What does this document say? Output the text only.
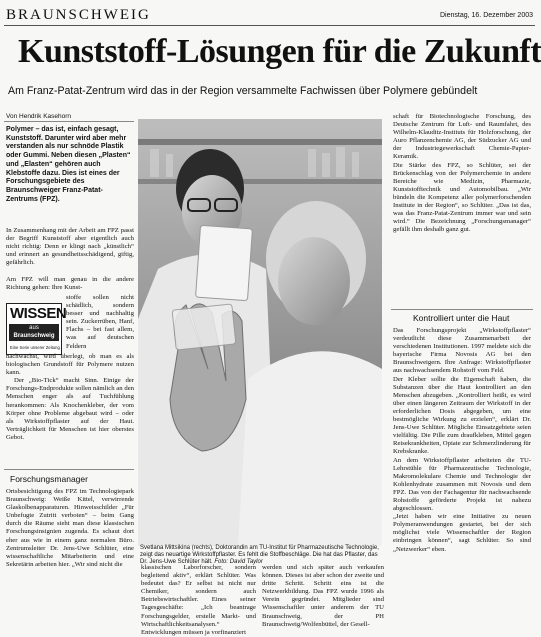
BRAUNSCHWEIG	Dienstag, 16. Dezember 2003
Kunststoff-Lösungen für die Zukunft
Am Franz-Patat-Zentrum wird das in der Region versammelte Fachwissen über Polymere gebündelt
Von Hendrik Kasehorn
Polymer – das ist, einfach gesagt, Kunststoff. Darunter wird aber mehr verstanden als nur schnöde Plastik oder Gummi. Neben diesen „Plasten“ und „Elasten“ gehören auch Klebstoffe dazu. Dies ist eines der Forschungsgebiete des Braunschweiger Franz-Patat-Zentrums (FPZ).
In Zusammenhang mit der Arbeit am FPZ passt der Begriff Kunststoff aber eigentlich auch nicht richtig: Denn er klingt nach „künstlich“ und erinnert an gesundheitsschädigend, giftig, gefährlich.
Am FPZ will man genau in die andere Richtung gehen: Ihre Kunst-
stoffe sollen nicht schädlich, sondern besser und nachhaltig sein. Zuckerrüben, Hanf, Flachs – bei fast allem, was auf deutschen Feldern
WISSEN
aus
Braunschweig
Eine Serie unserer Zeitung
nachwächst, wird überlegt, ob man es als biologischen Grundstoff für Polymere nutzen kann.
Der „Bio-Tick“ macht Sinn. Einige der Forschungs-Endprodukte sollen nämlich an den Menschen enger als auf Tuchfühlung herankommen: Als Knochenkleber, der vom Körper ohne Probleme abgebaut wird – oder als Wirkstoffpflaster auf der Haut. Verträglichkeit für Menschen ist hier oberstes Gebot.
Forschungsmanager
Ortsbesichtigung des FPZ im Technologiepark Braunschweig: Weiße Kittel, verwirrende Glaskolbenapparaturen. Hinweisschilder „Für Unbefugte Zutritt verboten“ – beim Gang durch die Räume sieht man diese klassischen Forschungsinsignien zugenda. Es schaut dort eher aus wie in einem ganz normalen Büro. Zentrumsleiter Dr. Jens-Uwe Schlüter, eine wissenschaftliche Mitarbeiterin und eine Sekretärin arbeiten hier. „Wir sind nicht die
Svetlana Mittsikina (rechts), Doktorandin am TU-Institut für Pharmazeutische Technologie, zeigt das neuartige Wirkstoffpflaster. Es fehlt die Stoffbeschläge. Die hat das Pflaster, das Dr. Jens-Uwe Schlüter hält. Foto: David Taylor
klassischen Laborforscher, sondern begleitend aktiv“, erklärt Schlüter. Was bedeutet das? Er selbst ist nicht nur Chemiker, sondern auch Betriebswirtschaftler. Eines seiner Tagesgeschäfte: „Ich beantrage Forschungsgelder, erstelle Markt- und Wirtschaftlichkeitsanalysen.“ Entwicklungen müssen ja vorfinanziert
werden und sich später auch verkaufen können. Dieses ist aber schon der zweite und dritte Schritt. Schritt eins ist die Netzwerkbildung. Das FPZ wurde 1996 als Verein gegründet. Mitglieder sind Wissenschaftler unter anderem der TU Braunschweig, der PH Braunschweig/Wolfenbüttel, der Gesell-
schaft für Biotechnologische Forschung, des Deutsche Zentrum für Luft- und Raumfahrt, des Wilhelm-Klauditz-Instituts für Holzforschung, der Auro Pflanzenchemie AG, der Südzucker AG und der Industriegewerkschaft Chemie-Papier-Keramik.
Die Stärke des FPZ, so Schlüter, sei der Brückenschlag von der Polymerchemie in andere Bereiche wie Medizin, Pharmazie, Kunststofftechnik und Automobilbau. „Wir bündeln die Kompetenz aller polymerforschenden Institute in der Region“, so Schlüter. „Das ist das, was das Franz-Patat-Zentrum immer war und sein wird.“ Die Bezeichnung „Forschungsmanager“ gefällt ihm deshalb ganz gut.
Kontrolliert unter die Haut
Das Forschungsprojekt „Wirkstoffpflaster“ verdeutlicht diese Zusammenarbeit der verschiedenen Institutionen. 1997 meldete sich die bayerische Firma Novosis AG bei den Braunschweigern. Ihre Anfrage: Wirkstoffpflaster aus nachwachsendem Rohstoff vom Feld.
Der Kleber sollte die Eigenschaft haben, die Substanzen über die Haut kontrolliert an den Menschen abzugeben. „Kontrolliert heißt, es wird über einen längeren Zeitraum der Wirkstoff in der erforderlichen Dosis abgegeben, um eine bestmögliche Wirkung zu erzielen“, erklärt Dr. Jens-Uwe Schlüter. Mögliche Einsatzgebiete seien vielfältig. Die Pille zum draufkleben, Mittel gegen Reisekrankheiten, Opiate zur Schmerzlinderung für Krebskranke.
An dem Wirkstoffpflaster arbeiteten die TU-Lehrstühle für Pharmazeutische Technologie, Makromolekulare Chemie und Technologie der Kohlenhydrate zusammen mit Novosis und dem FPZ. Das von der Fachagentur für nachwachsende Rohstoffe geförderte Projekt ist nahezu abgeschlossen.
„Jetzt haben wir eine Initiative zu neuen Polymeranwendungen gestartet, bei der sich möglichst viele Wissenschaftler der Region einbringen können“, sagt Schlüter. So sind „Netzwerker“ eben.
